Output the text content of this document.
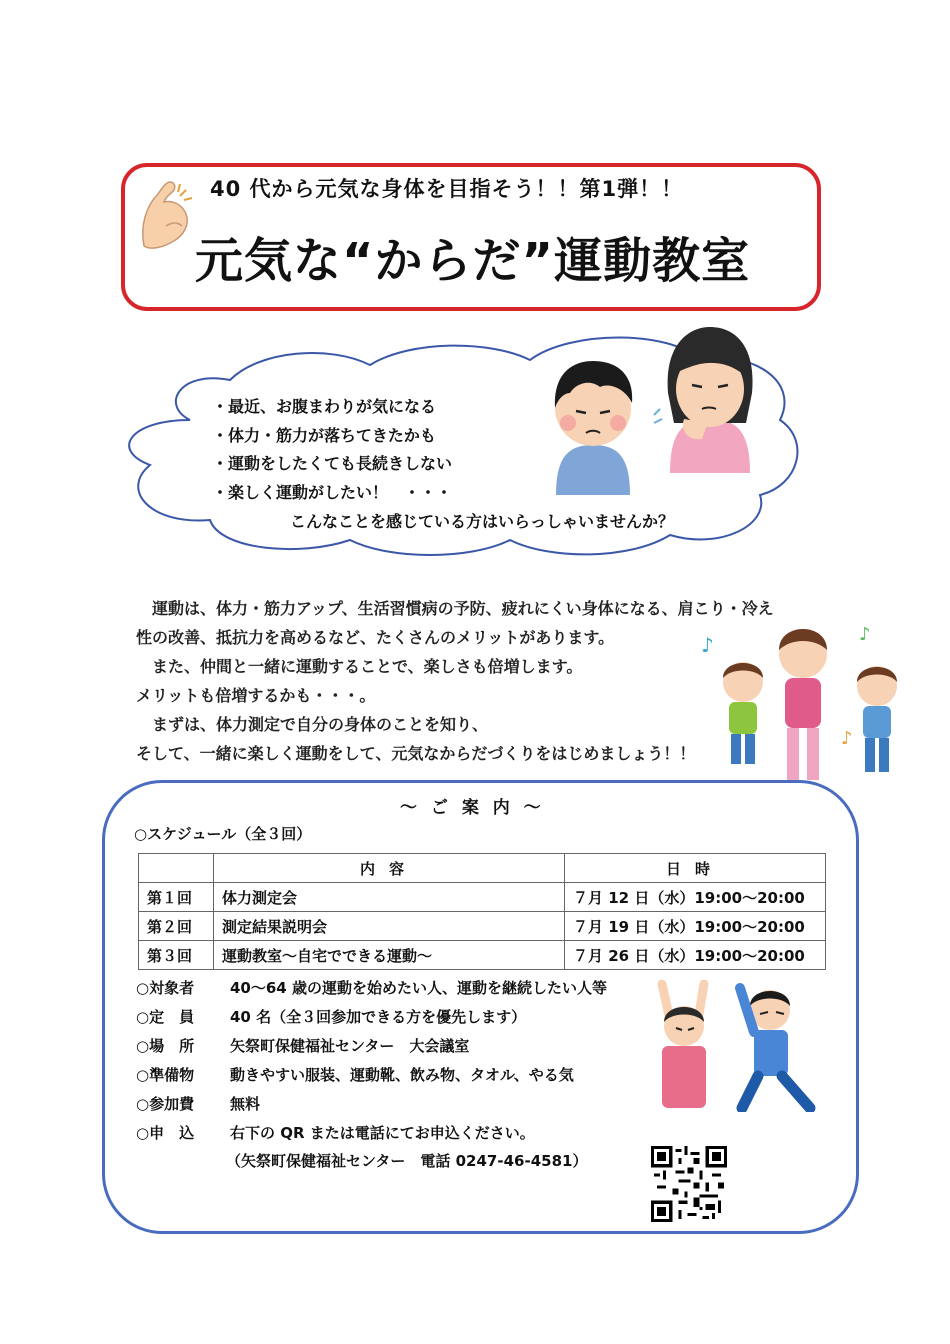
40 代から元気な身体を目指そう！！第1弾！！
元気な“からだ”運動教室
・最近、お腹まわりが気になる
・体力・筋力が落ちてきたかも
・運動をしたくても長続きしない
・楽しく運動がしたい！　・・・
こんなことを感じている方はいらっしゃいませんか？
　運動は、体力・筋力アップ、生活習慣病の予防、疲れにくい身体になる、肩こり・冷え
性の改善、抵抗力を高めるなど、たくさんのメリットがあります。
　また、仲間と一緒に運動することで、楽しさも倍増します。
メリットも倍増するかも・・・。
　まずは、体力測定で自分の身体のことを知り、
そして、一緒に楽しく運動をして、元気なからだづくりをはじめましょう！！
♪	♪
♪
～ ご 案 内 ～
○スケジュール（全３回）
	内容	日時
第１回	体力測定会	７月 12 日（水）19:00～20:00
第２回	測定結果説明会	７月 19 日（水）19:00～20:00
第３回	運動教室～自宅でできる運動～	７月 26 日（水）19:00～20:00
○対象者 40～64 歳の運動を始めたい人、運動を継続したい人等
○定　員 40 名（全３回参加できる方を優先します）
○場　所 矢祭町保健福祉センター　大会議室
○準備物 動きやすい服装、運動靴、飲み物、タオル、やる気
○参加費 無料
○申　込 右下の QR または電話にてお申込ください。
（矢祭町保健福祉センター　電話 0247-46-4581）
